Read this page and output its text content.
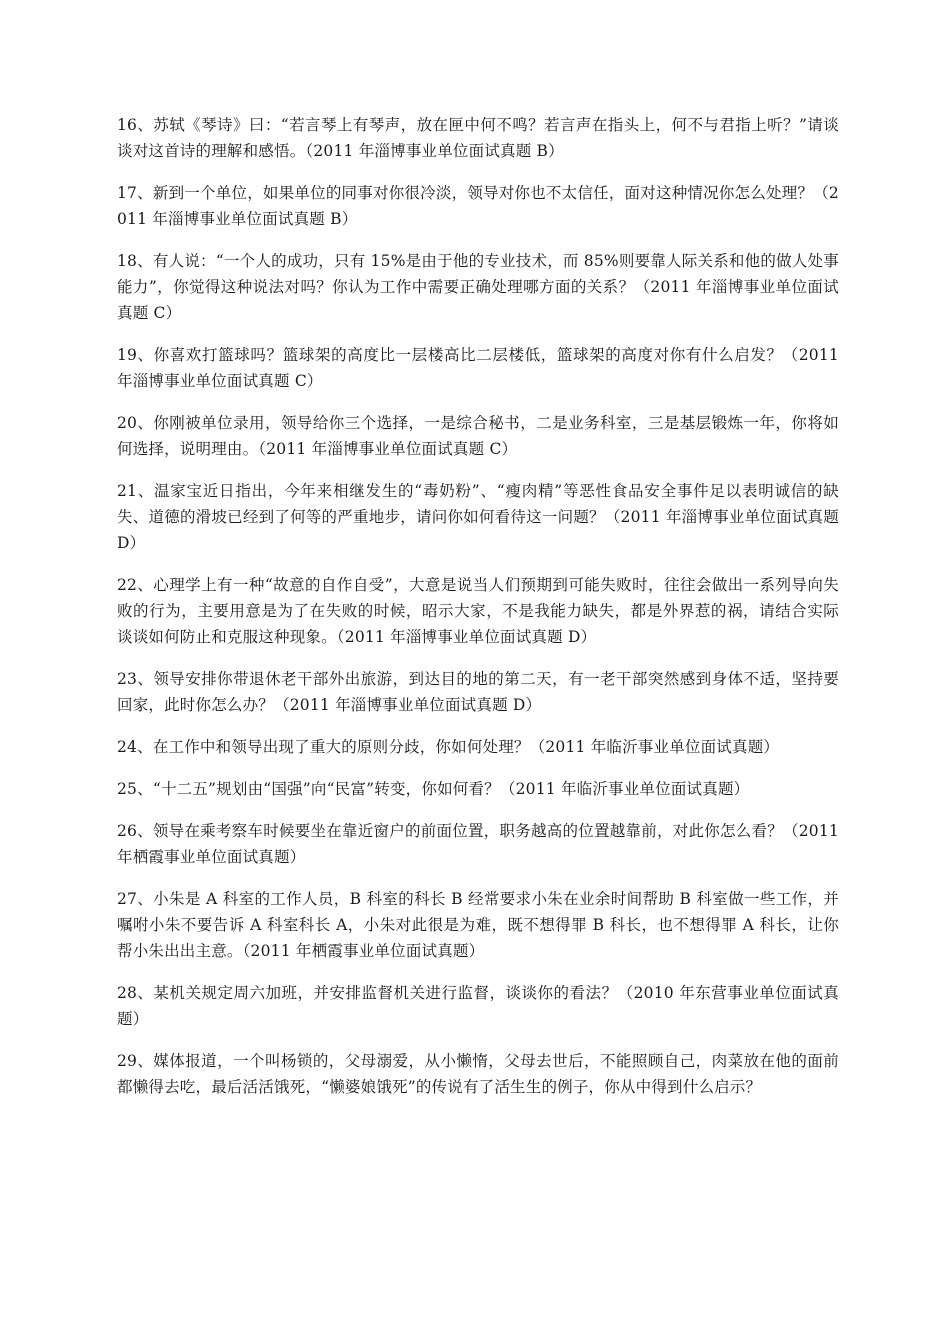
16、苏轼《琴诗》曰：“若言琴上有琴声，放在匣中何不鸣？若言声在指头上，何不与君指上听？”请谈谈对这首诗的理解和感悟。（2011 年淄博事业单位面试真题 B）

17、新到一个单位，如果单位的同事对你很冷淡，领导对你也不太信任，面对这种情况你怎么处理？（2011 年淄博事业单位面试真题 B）

18、有人说：“一个人的成功，只有 15%是由于他的专业技术，而 85%则要靠人际关系和他的做人处事能力”，你觉得这种说法对吗？你认为工作中需要正确处理哪方面的关系？（2011 年淄博事业单位面试真题 C）

19、你喜欢打篮球吗？篮球架的高度比一层楼高比二层楼低，篮球架的高度对你有什么启发？（2011 年淄博事业单位面试真题 C）

20、你刚被单位录用，领导给你三个选择，一是综合秘书，二是业务科室，三是基层锻炼一年，你将如何选择，说明理由。（2011 年淄博事业单位面试真题 C）

21、温家宝近日指出，今年来相继发生的“毒奶粉”、“瘦肉精”等恶性食品安全事件足以表明诚信的缺失、道德的滑坡已经到了何等的严重地步，请问你如何看待这一问题？（2011 年淄博事业单位面试真题 D）

22、心理学上有一种“故意的自作自受”，大意是说当人们预期到可能失败时，往往会做出一系列导向失败的行为，主要用意是为了在失败的时候，昭示大家，不是我能力缺失，都是外界惹的祸，请结合实际谈谈如何防止和克服这种现象。（2011 年淄博事业单位面试真题 D）

23、领导安排你带退休老干部外出旅游，到达目的地的第二天，有一老干部突然感到身体不适，坚持要回家，此时你怎么办？（2011 年淄博事业单位面试真题 D）

24、在工作中和领导出现了重大的原则分歧，你如何处理？（2011 年临沂事业单位面试真题）

25、“十二五”规划由“国强”向“民富”转变，你如何看？（2011 年临沂事业单位面试真题）

26、领导在乘考察车时候要坐在靠近窗户的前面位置，职务越高的位置越靠前，对此你怎么看？（2011 年栖霞事业单位面试真题）

27、小朱是 A 科室的工作人员，B 科室的科长 B 经常要求小朱在业余时间帮助 B 科室做一些工作，并嘱咐小朱不要告诉 A 科室科长 A，小朱对此很是为难，既不想得罪 B 科长，也不想得罪 A 科长，让你帮小朱出出主意。（2011 年栖霞事业单位面试真题）

28、某机关规定周六加班，并安排监督机关进行监督，谈谈你的看法？（2010 年东营事业单位面试真题）

29、媒体报道，一个叫杨锁的，父母溺爱，从小懒惰，父母去世后，不能照顾自己，肉菜放在他的面前都懒得去吃，最后活活饿死，“懒婆娘饿死”的传说有了活生生的例子，你从中得到什么启示？
